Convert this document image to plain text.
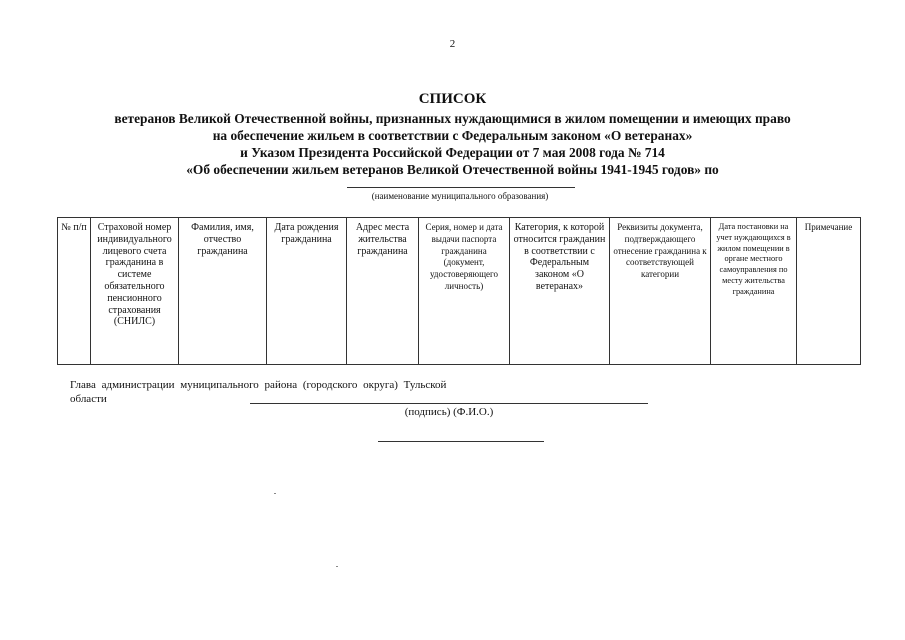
2
СПИСОК
ветеранов Великой Отечественной войны, признанных нуждающимися в жилом помещении и имеющих право
на обеспечение жильем в соответствии с Федеральным законом «О ветеранах»
и Указом Президента Российской Федерации от 7 мая 2008 года № 714
«Об обеспечении жильем ветеранов Великой Отечественной войны 1941-1945 годов» по
(наименование муниципального образования)
№ п/п	Страховой номер индивидуального лицевого счета гражданина в системе обязательного пенсионного страхования (СНИЛС)	Фамилия, имя, отчество гражданина	Дата рождения гражданина	Адрес места жительства гражданина	Серия, номер и дата выдачи паспорта гражданина (документ, удостоверяющего личность)	Категория, к которой относится гражданин в соответствии с Федеральным законом «О ветеранах»	Реквизиты документа, подтверждающего отнесение гражданина к соответствующей категории	Дата постановки на учет нуждающихся в жилом помещении в органе местного самоуправления по месту жительства гражданина	Примечание
Глава администрации муниципального района (городского округа) Тульской
области
(подпись) (Ф.И.О.)
